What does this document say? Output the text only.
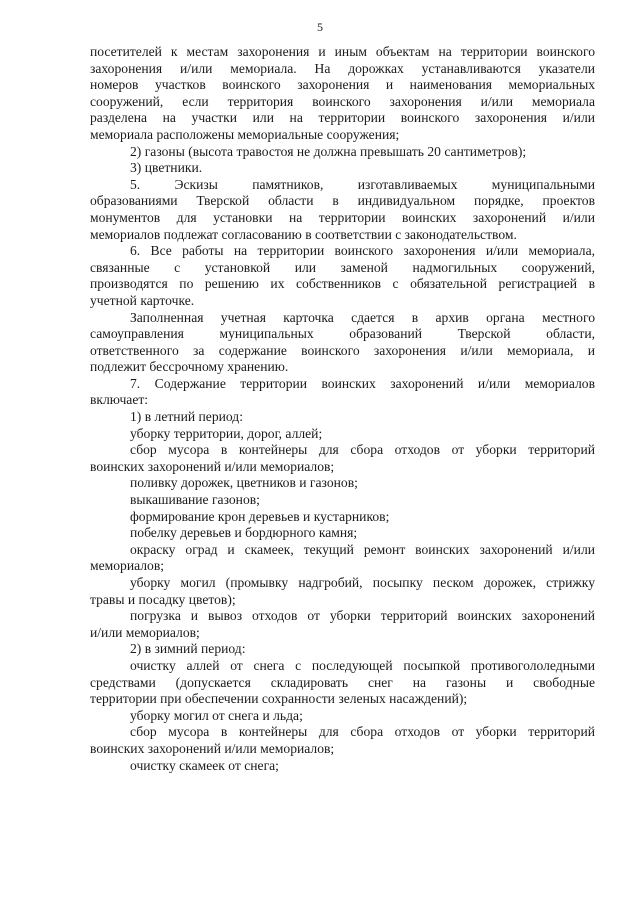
5
посетителей к местам захоронения и иным объектам на территории воинского
захоронения и/или мемориала. На дорожках устанавливаются указатели
номеров участков воинского захоронения и наименования мемориальных
сооружений, если территория воинского захоронения и/или мемориала
разделена на участки или на территории воинского захоронения и/или
мемориала расположены мемориальные сооружения;
2) газоны (высота травостоя не должна превышать 20 сантиметров);
3) цветники.
5. Эскизы памятников, изготавливаемых муниципальными
образованиями Тверской области в индивидуальном порядке, проектов
монументов для установки на территории воинских захоронений и/или
мемориалов подлежат согласованию в соответствии с законодательством.
6. Все работы на территории воинского захоронения и/или мемориала,
связанные с установкой или заменой надмогильных сооружений,
производятся по решению их собственников с обязательной регистрацией в
учетной карточке.
Заполненная учетная карточка сдается в архив органа местного
самоуправления муниципальных образований Тверской области,
ответственного за содержание воинского захоронения и/или мемориала, и
подлежит бессрочному хранению.
7. Содержание территории воинских захоронений и/или мемориалов
включает:
1) в летний период:
уборку территории, дорог, аллей;
сбор мусора в контейнеры для сбора отходов от уборки территорий
воинских захоронений и/или мемориалов;
поливку дорожек, цветников и газонов;
выкашивание газонов;
формирование крон деревьев и кустарников;
побелку деревьев и бордюрного камня;
окраску оград и скамеек, текущий ремонт воинских захоронений и/или
мемориалов;
уборку могил (промывку надгробий, посыпку песком дорожек, стрижку
травы и посадку цветов);
погрузка и вывоз отходов от уборки территорий воинских захоронений
и/или мемориалов;
2) в зимний период:
очистку аллей от снега с последующей посыпкой противогололедными
средствами (допускается складировать снег на газоны и свободные
территории при обеспечении сохранности зеленых насаждений);
уборку могил от снега и льда;
сбор мусора в контейнеры для сбора отходов от уборки территорий
воинских захоронений и/или мемориалов;
очистку скамеек от снега;
